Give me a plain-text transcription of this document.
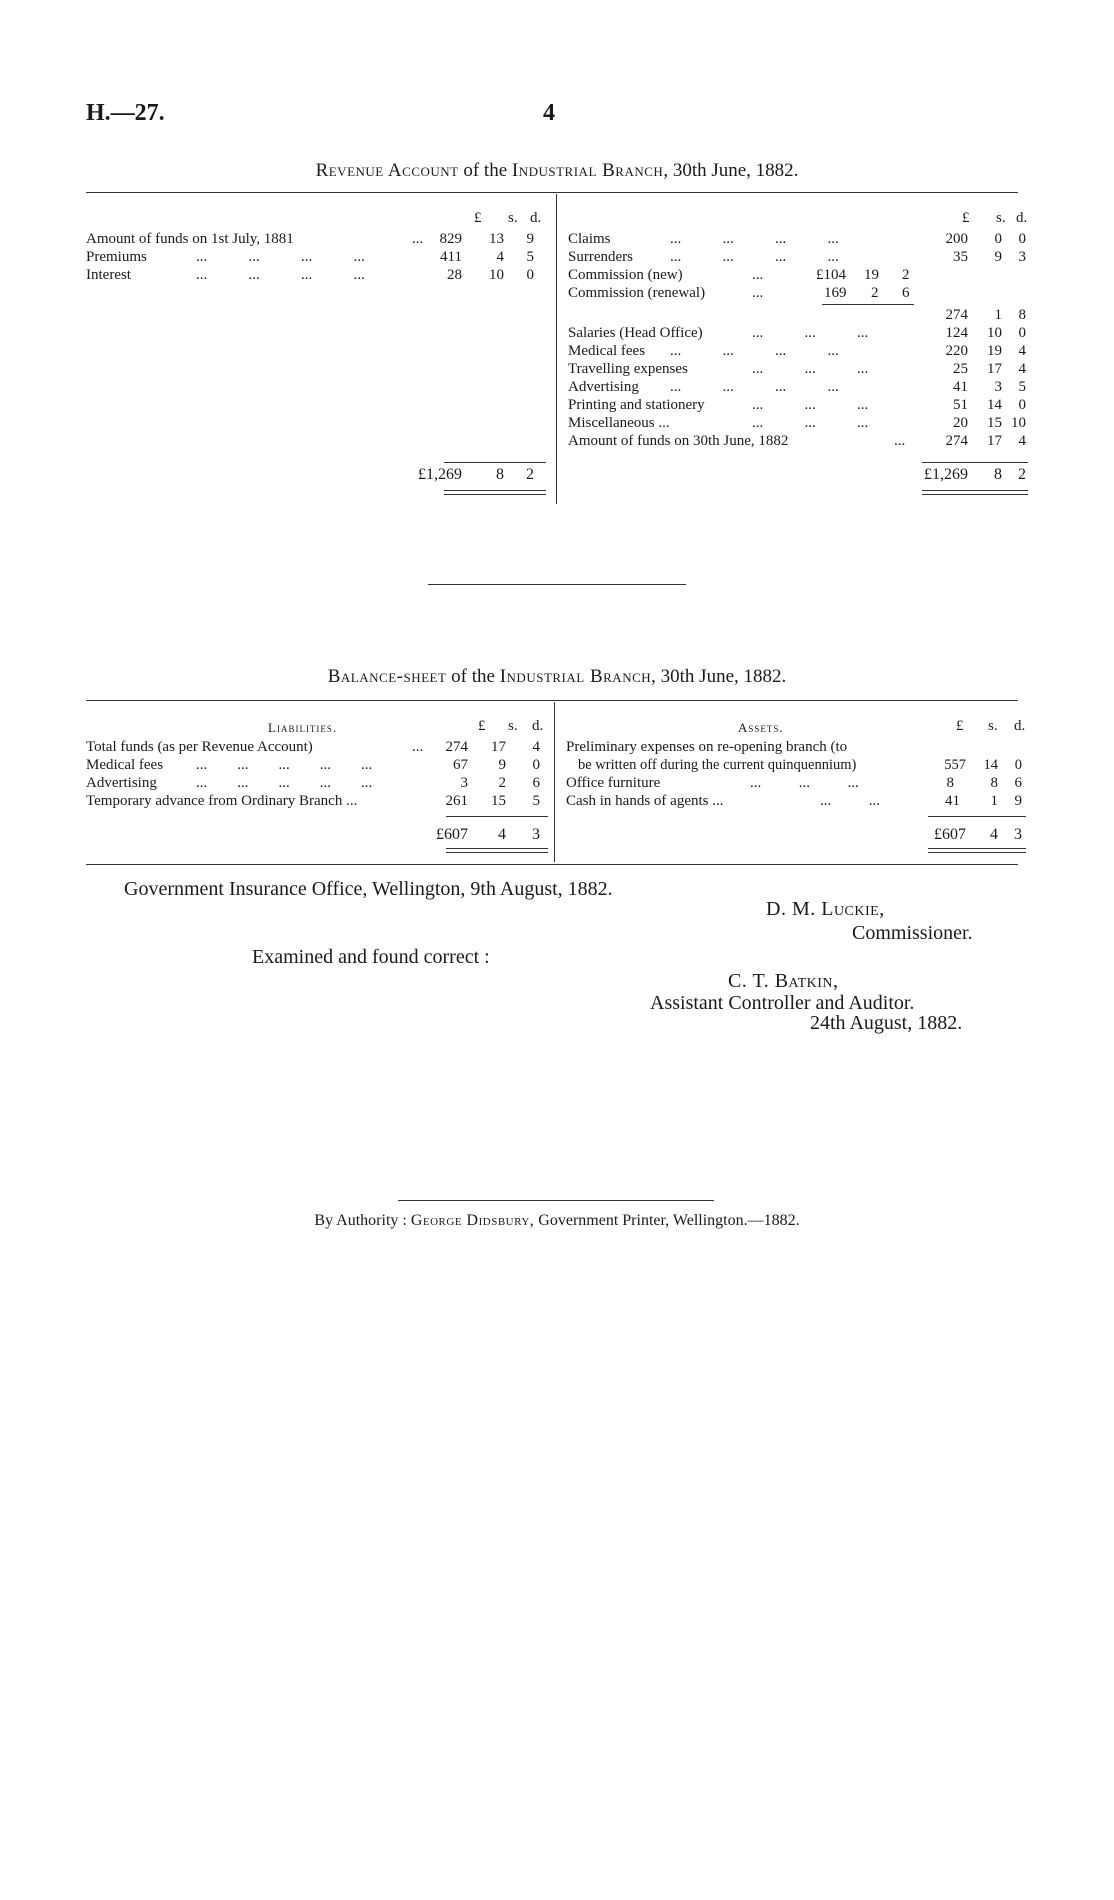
H.—27.	4
Revenue Account of the Industrial Branch, 30th June, 1882.
£ s. d.	£ s. d.
Amount of funds on 1st July, 1881	... 829 13 9
Premiums	...           ...           ...           ...	411 4 5
Interest	...           ...           ...           ...	28 10 0
£1,269 8 2
Claims	...           ...           ...           ...	200 0 0
Surrenders ...           ...           ...           ...	35 9 3
Commission (new)	...	£104 19 2
Commission (renewal)	...	169 2 6
274 1 8
Salaries (Head Office)	...           ...           ...	124 10 0
Medical fees ...           ...           ...           ...	220 19 4
Travelling expenses	...           ...           ...	25 17 4
Advertising ...           ...           ...           ...	41 3 5
Printing and stationery	...           ...           ...	51 14 0
Miscellaneous ...	...           ...           ...	20 15 10
Amount of funds on 30th June, 1882	...	274 17 4
£1,269 8 2
Balance-sheet of the Industrial Branch, 30th June, 1882.
Liabilities.	Assets.
£ s. d.	£ s. d.
Total funds (as per Revenue Account)	... 274 17 4
Medical fees ...        ...        ...        ...        ...	67 9 0
Advertising	...        ...        ...        ...        ...	3 2 6
Temporary advance from Ordinary Branch ...	261 15 5
£607 4 3
Preliminary expenses on re-opening branch (to
be written off during the current quinquennium)	557 14 0
Office furniture	...          ...          ...	8 8 6
Cash in hands of agents ...	...          ...	41 1 9
£607 4 3
Government Insurance Office, Wellington, 9th August, 1882.
D. M. Luckie,
Commissioner.
Examined and found correct :
C. T. Batkin,
Assistant Controller and Auditor.
24th August, 1882.
By Authority : George Didsbury, Government Printer, Wellington.—1882.
